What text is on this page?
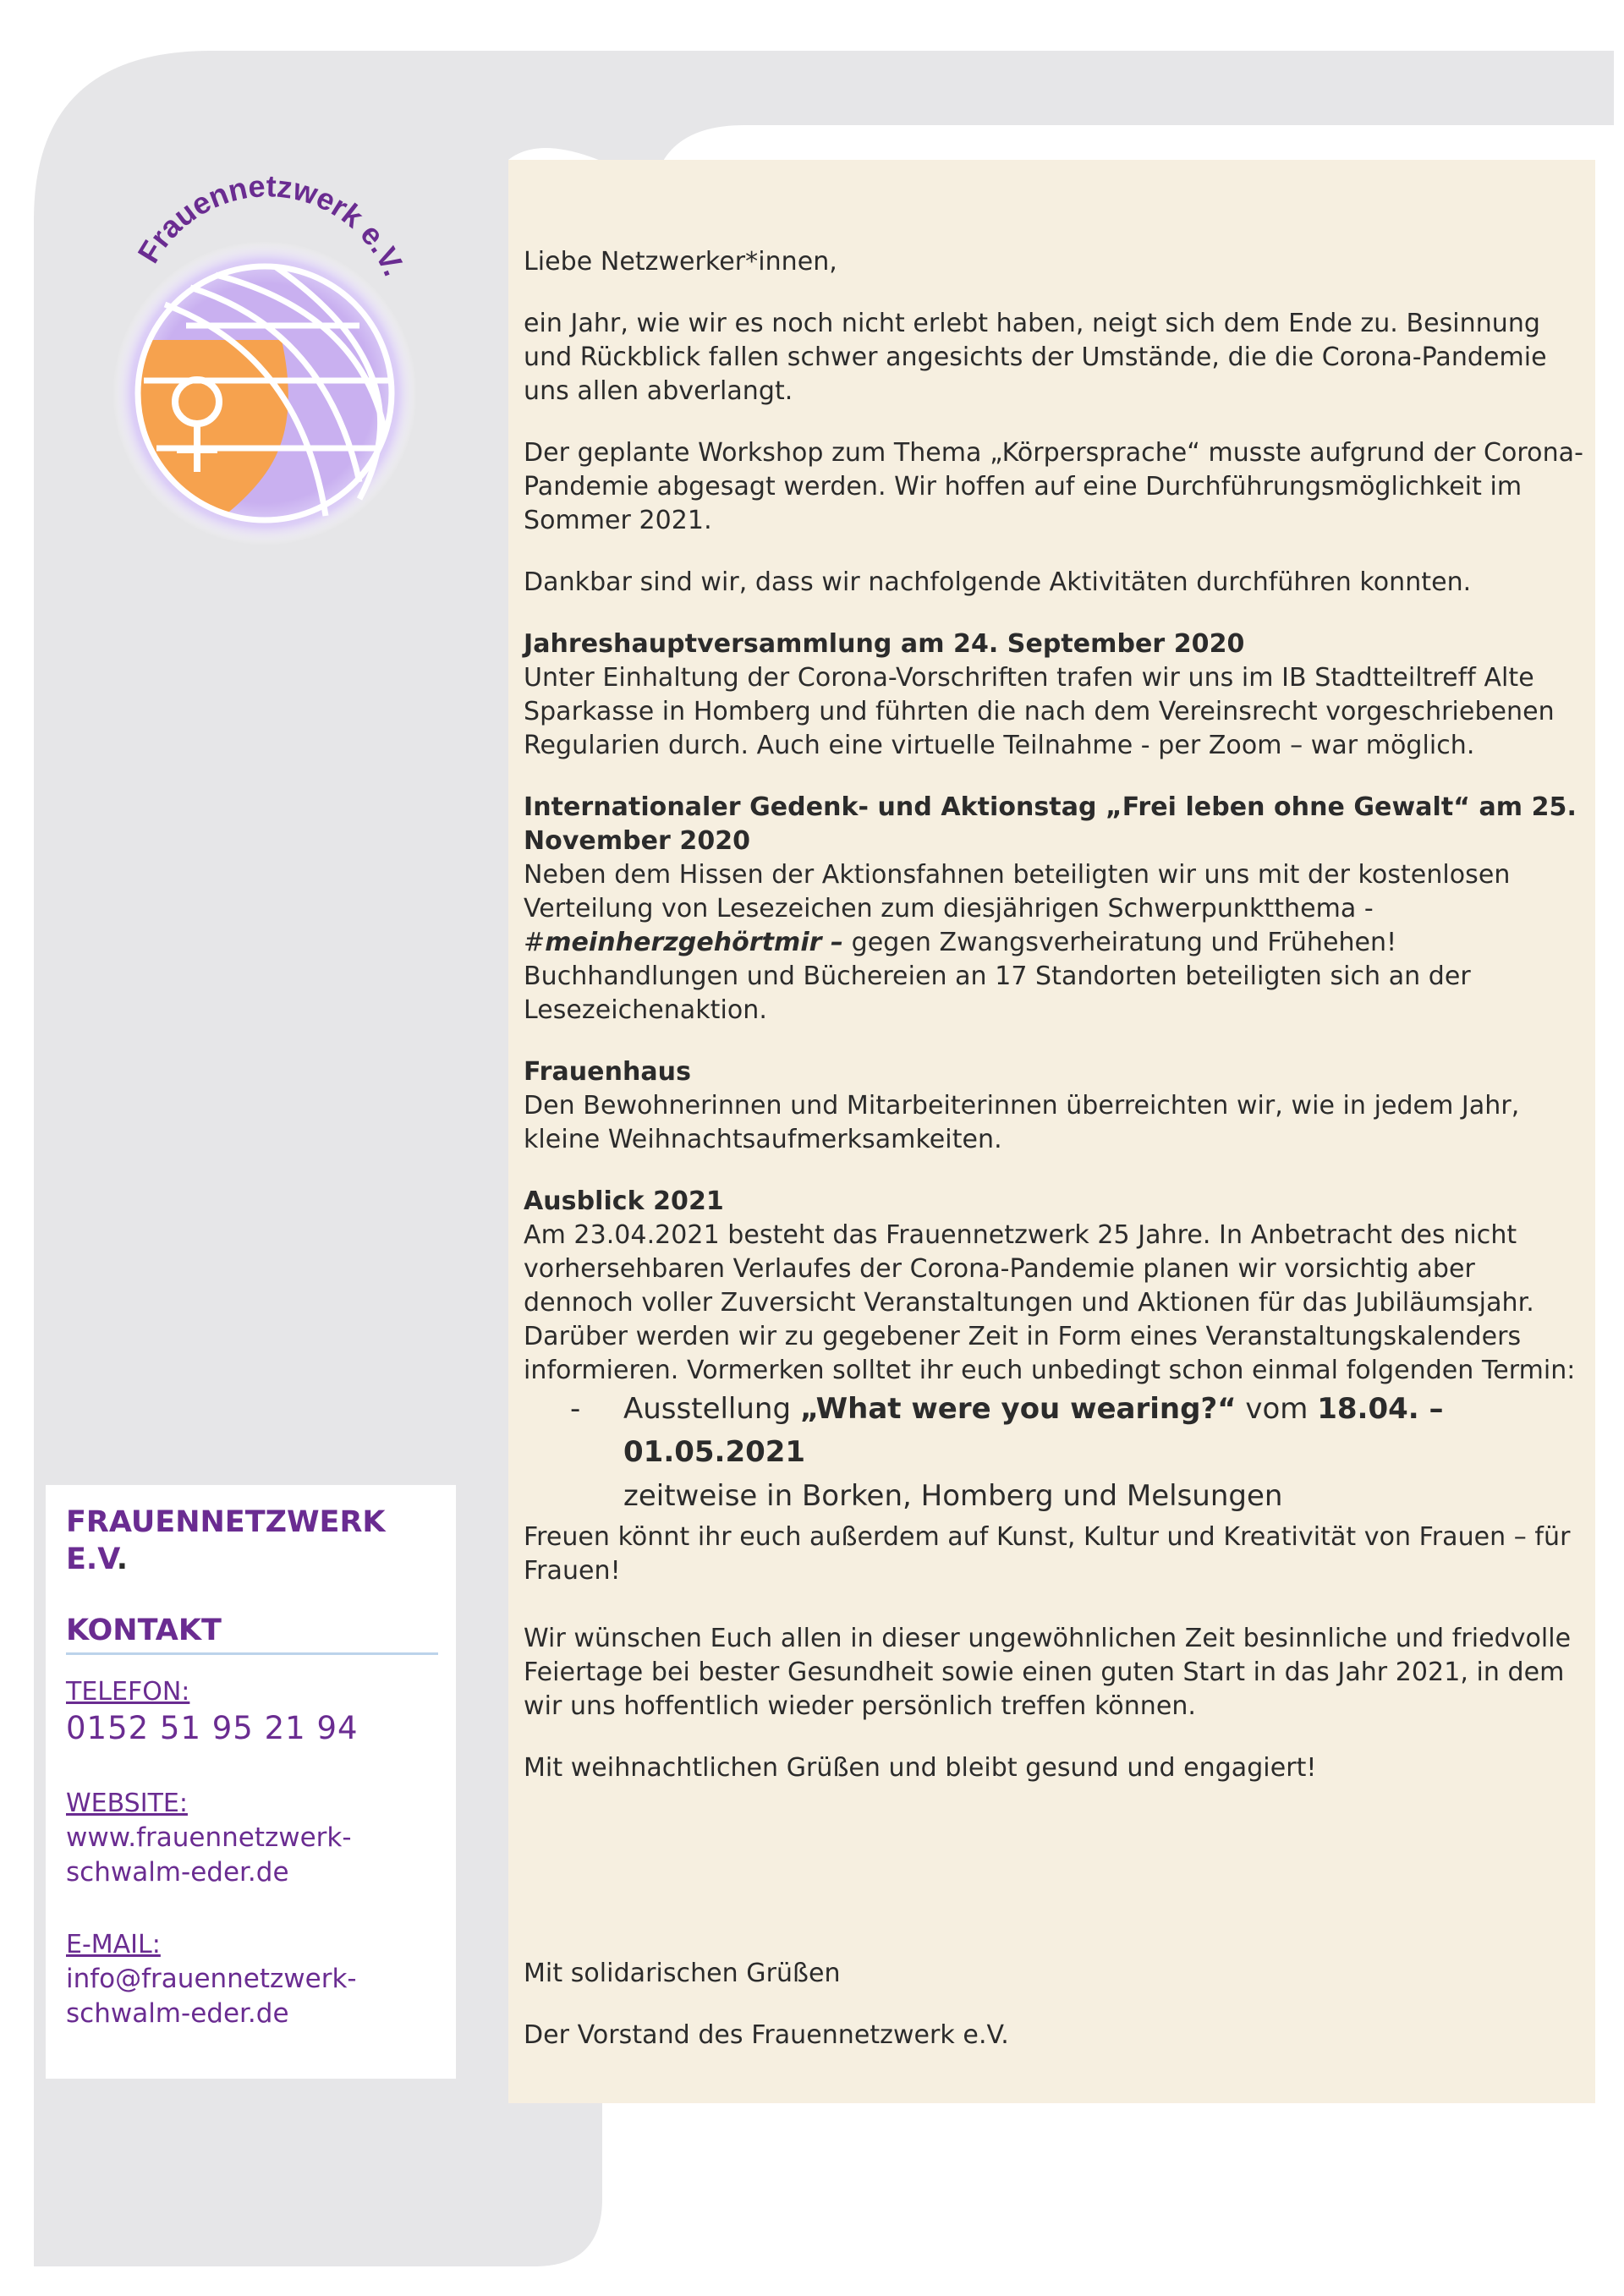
Frauennetzwerk e.V.	Liebe Netzwerker*innen,

ein Jahr, wie wir es noch nicht erlebt haben, neigt sich dem Ende zu. Besinnung und Rückblick fallen schwer angesichts der Umstände, die die Corona-Pandemie uns allen abverlangt.

Der geplante Workshop zum Thema „Körpersprache“ musste aufgrund der Corona-Pandemie abgesagt werden. Wir hoffen auf eine Durchführungsmöglichkeit im Sommer 2021.

Dankbar sind wir, dass wir nachfolgende Aktivitäten durchführen konnten.

Jahreshauptversammlung am 24. September 2020
Unter Einhaltung der Corona-Vorschriften trafen wir uns im IB Stadtteiltreff Alte Sparkasse in Homberg und führten die nach dem Vereinsrecht vorgeschriebenen Regularien durch. Auch eine virtuelle Teilnahme - per Zoom – war möglich.

Internationaler Gedenk- und Aktionstag „Frei leben ohne Gewalt“ am 25. November 2020
Neben dem Hissen der Aktionsfahnen beteiligten wir uns mit der kostenlosen Verteilung von Lesezeichen zum diesjährigen Schwerpunktthema - #meinherzgehörtmir – gegen Zwangsverheiratung und Frühehen! Buchhandlungen und Büchereien an 17 Standorten beteiligten sich an der Lesezeichenaktion.

Frauenhaus
Den Bewohnerinnen und Mitarbeiterinnen überreichten wir, wie in jedem Jahr, kleine Weihnachtsaufmerksamkeiten.

Ausblick 2021
Am 23.04.2021 besteht das Frauennetzwerk 25 Jahre. In Anbetracht des nicht vorhersehbaren Verlaufes der Corona-Pandemie planen wir vorsichtig aber dennoch voller Zuversicht Veranstaltungen und Aktionen für das Jubiläumsjahr. Darüber werden wir zu gegebener Zeit in Form eines Veranstaltungskalenders informieren. Vormerken solltet ihr euch unbedingt schon einmal folgenden Termin:

- Ausstellung „What were you wearing?“ vom 18.04. – 01.05.2021
zeitweise in Borken, Homberg und Melsungen

Freuen könnt ihr euch außerdem auf Kunst, Kultur und Kreativität von Frauen – für Frauen!

Wir wünschen Euch allen in dieser ungewöhnlichen Zeit besinnliche und friedvolle Feiertage bei bester Gesundheit sowie einen guten Start in das Jahr 2021, in dem wir uns hoffentlich wieder persönlich treffen können.

Mit weihnachtlichen Grüßen und bleibt gesund und engagiert!

Mit solidarischen Grüßen

Der Vorstand des Frauennetzwerk e.V.

FRAUENNETZWERK E.V.
KONTAKT
TELEFON:
0152 51 95 21 94
WEBSITE:
www.frauennetzwerk-
schwalm-eder.de
E-MAIL:
info@frauennetzwerk-
schwalm-eder.de
